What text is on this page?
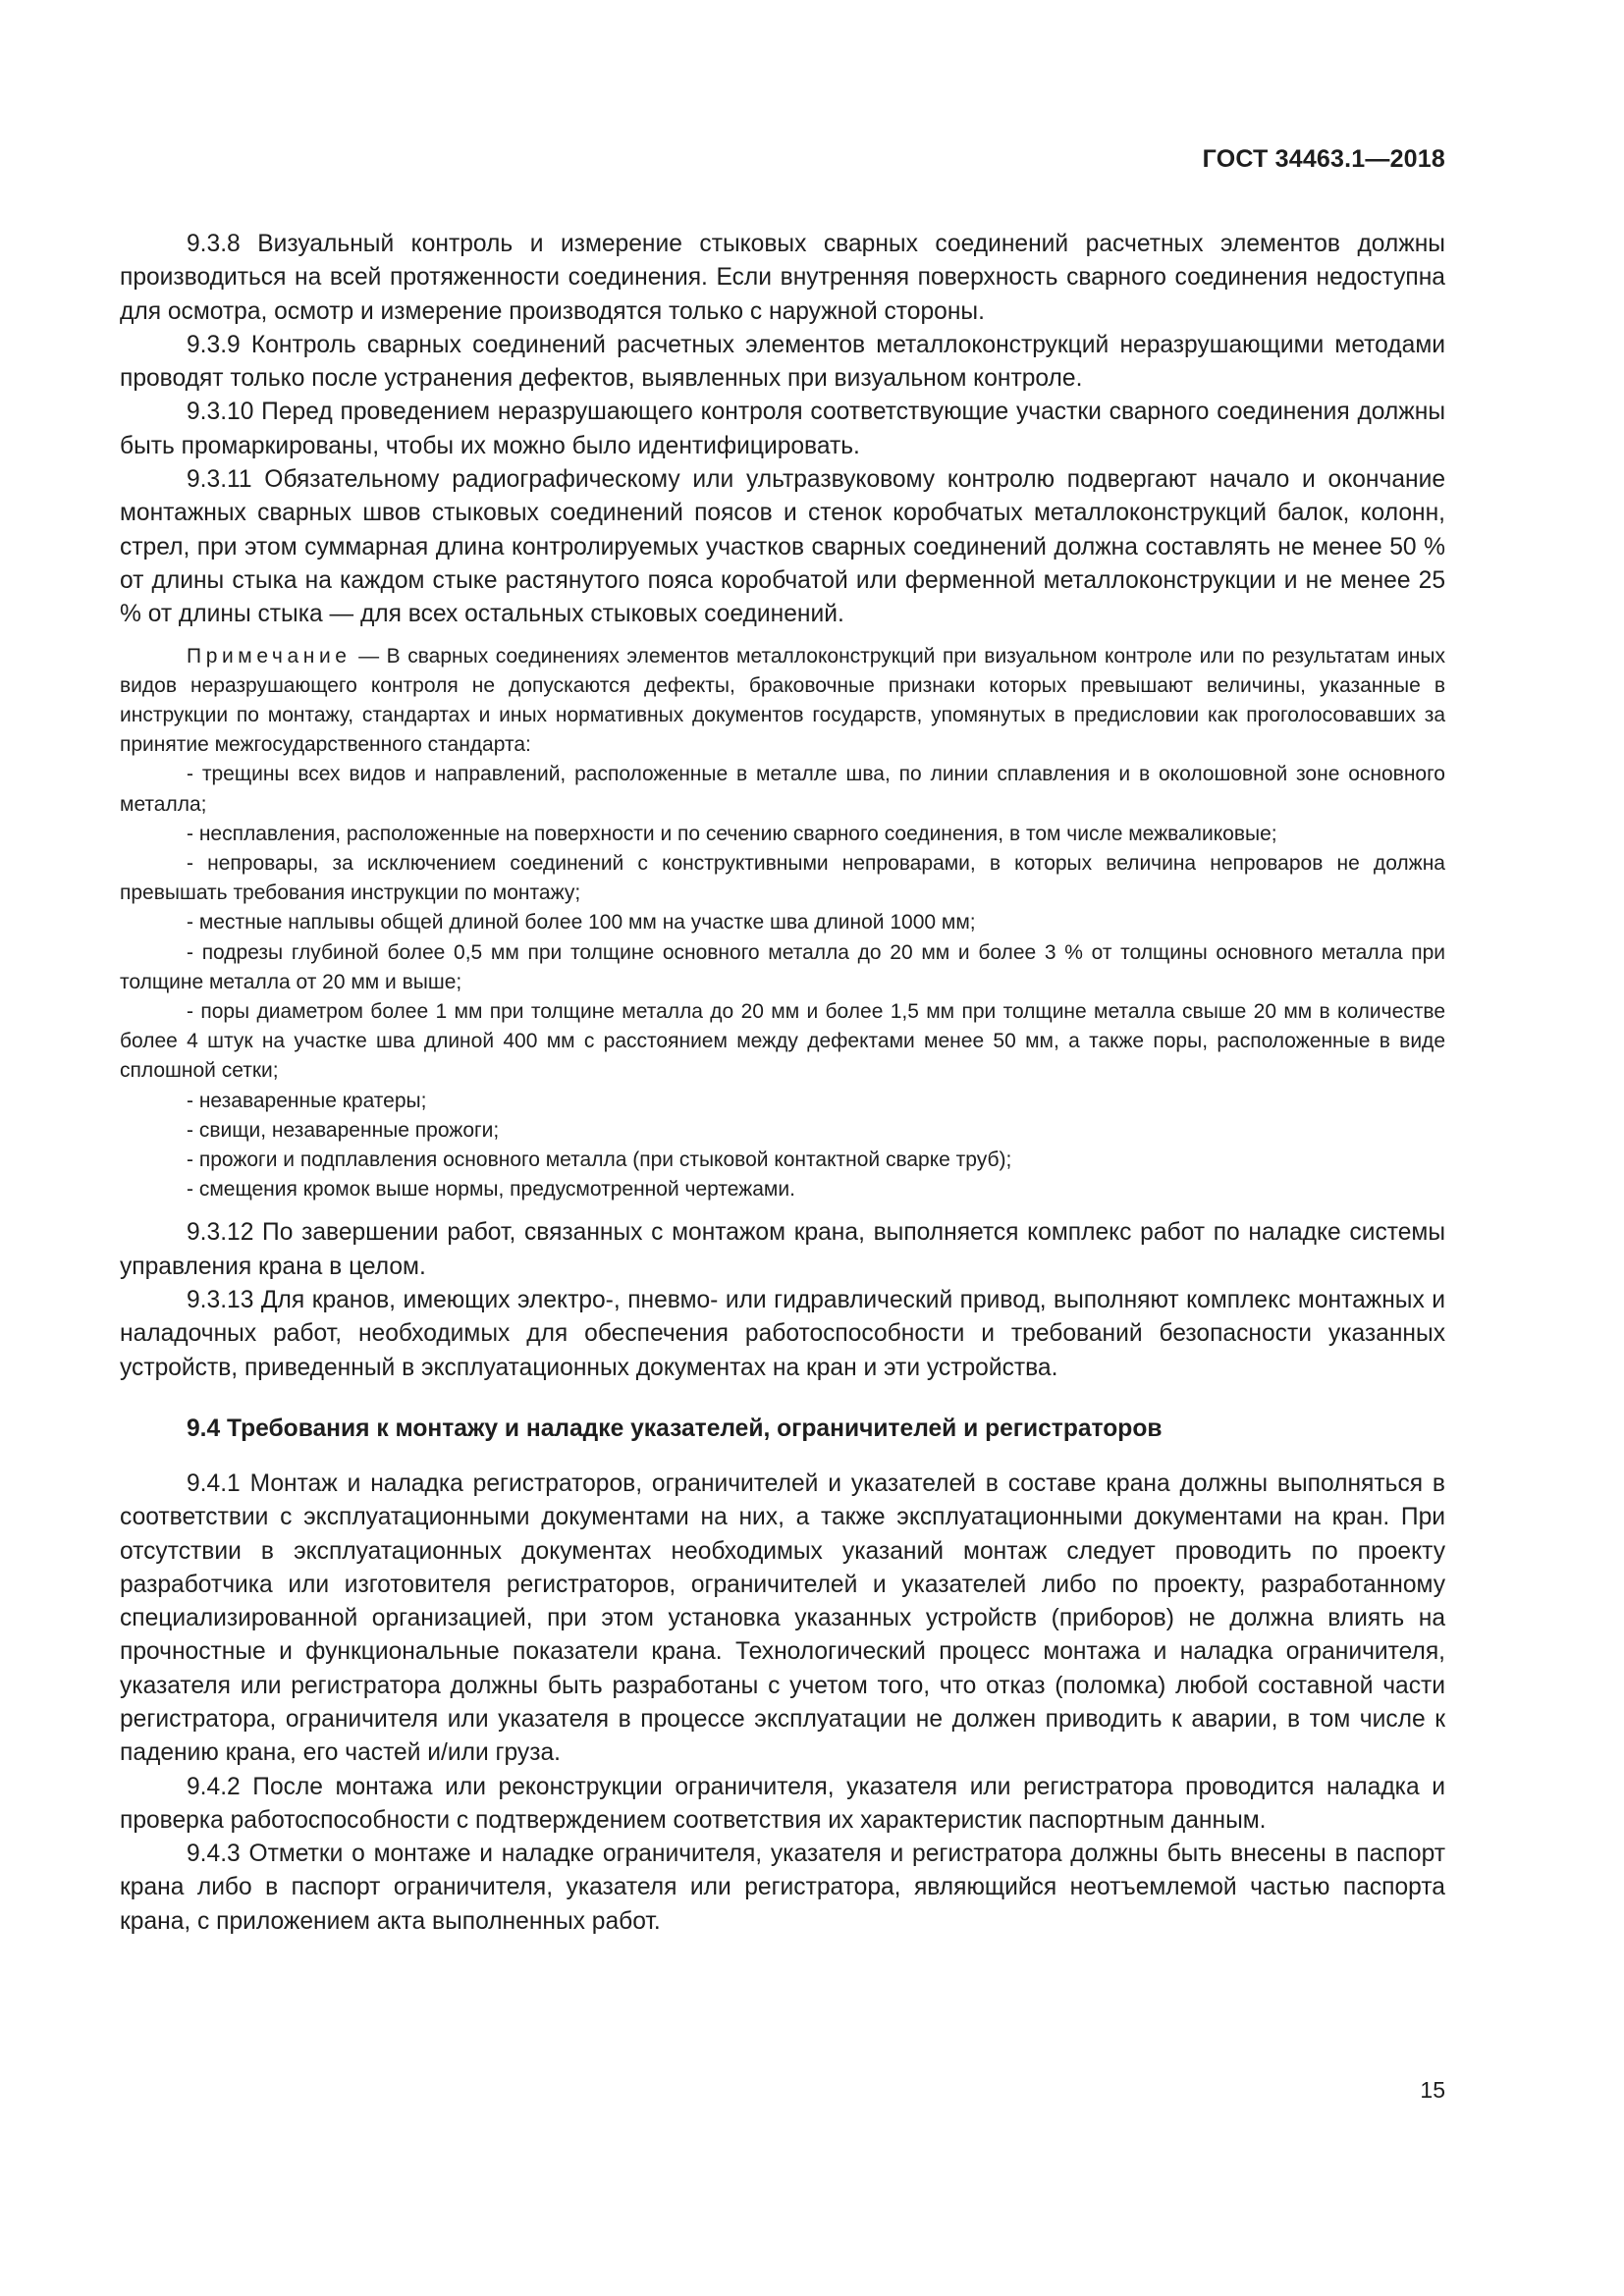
ГОСТ 34463.1—2018

9.3.8 Визуальный контроль и измерение стыковых сварных соединений расчетных элементов должны производиться на всей протяженности соединения. Если внутренняя поверхность сварного соединения недоступна для осмотра, осмотр и измерение производятся только с наружной стороны.

9.3.9 Контроль сварных соединений расчетных элементов металлоконструкций неразрушающими методами проводят только после устранения дефектов, выявленных при визуальном контроле.

9.3.10 Перед проведением неразрушающего контроля соответствующие участки сварного соединения должны быть промаркированы, чтобы их можно было идентифицировать.

9.3.11 Обязательному радиографическому или ультразвуковому контролю подвергают начало и окончание монтажных сварных швов стыковых соединений поясов и стенок коробчатых металлоконструкций балок, колонн, стрел, при этом суммарная длина контролируемых участков сварных соединений должна составлять не менее 50 % от длины стыка на каждом стыке растянутого пояса коробчатой или ферменной металлоконструкции и не менее 25 % от длины стыка — для всех остальных стыковых соединений.

Примечание — В сварных соединениях элементов металлоконструкций при визуальном контроле или по результатам иных видов неразрушающего контроля не допускаются дефекты, браковочные признаки которых превышают величины, указанные в инструкции по монтажу, стандартах и иных нормативных документов государств, упомянутых в предисловии как проголосовавших за принятие межгосударственного стандарта:

- трещины всех видов и направлений, расположенные в металле шва, по линии сплавления и в околошовной зоне основного металла;

- несплавления, расположенные на поверхности и по сечению сварного соединения, в том числе межваликовые;

- непровары, за исключением соединений с конструктивными непроварами, в которых величина непроваров не должна превышать требования инструкции по монтажу;

- местные наплывы общей длиной более 100 мм на участке шва длиной 1000 мм;

- подрезы глубиной более 0,5 мм при толщине основного металла до 20 мм и более 3 % от толщины основного металла при толщине металла от 20 мм и выше;

- поры диаметром более 1 мм при толщине металла до 20 мм и более 1,5 мм при толщине металла свыше 20 мм в количестве более 4 штук на участке шва длиной 400 мм с расстоянием между дефектами менее 50 мм, а также поры, расположенные в виде сплошной сетки;

- незаваренные кратеры;

- свищи, незаваренные прожоги;

- прожоги и подплавления основного металла (при стыковой контактной сварке труб);

- смещения кромок выше нормы, предусмотренной чертежами.

9.3.12 По завершении работ, связанных с монтажом крана, выполняется комплекс работ по наладке системы управления крана в целом.

9.3.13 Для кранов, имеющих электро-, пневмо- или гидравлический привод, выполняют комплекс монтажных и наладочных работ, необходимых для обеспечения работоспособности и требований безопасности указанных устройств, приведенный в эксплуатационных документах на кран и эти устройства.

9.4 Требования к монтажу и наладке указателей, ограничителей и регистраторов

9.4.1 Монтаж и наладка регистраторов, ограничителей и указателей в составе крана должны выполняться в соответствии с эксплуатационными документами на них, а также эксплуатационными документами на кран. При отсутствии в эксплуатационных документах необходимых указаний монтаж следует проводить по проекту разработчика или изготовителя регистраторов, ограничителей и указателей либо по проекту, разработанному специализированной организацией, при этом установка указанных устройств (приборов) не должна влиять на прочностные и функциональные показатели крана. Технологический процесс монтажа и наладка ограничителя, указателя или регистратора должны быть разработаны с учетом того, что отказ (поломка) любой составной части регистратора, ограничителя или указателя в процессе эксплуатации не должен приводить к аварии, в том числе к падению крана, его частей и/или груза.

9.4.2 После монтажа или реконструкции ограничителя, указателя или регистратора проводится наладка и проверка работоспособности с подтверждением соответствия их характеристик паспортным данным.

9.4.3 Отметки о монтаже и наладке ограничителя, указателя и регистратора должны быть внесены в паспорт крана либо в паспорт ограничителя, указателя или регистратора, являющийся неотъемлемой частью паспорта крана, с приложением акта выполненных работ.

15
